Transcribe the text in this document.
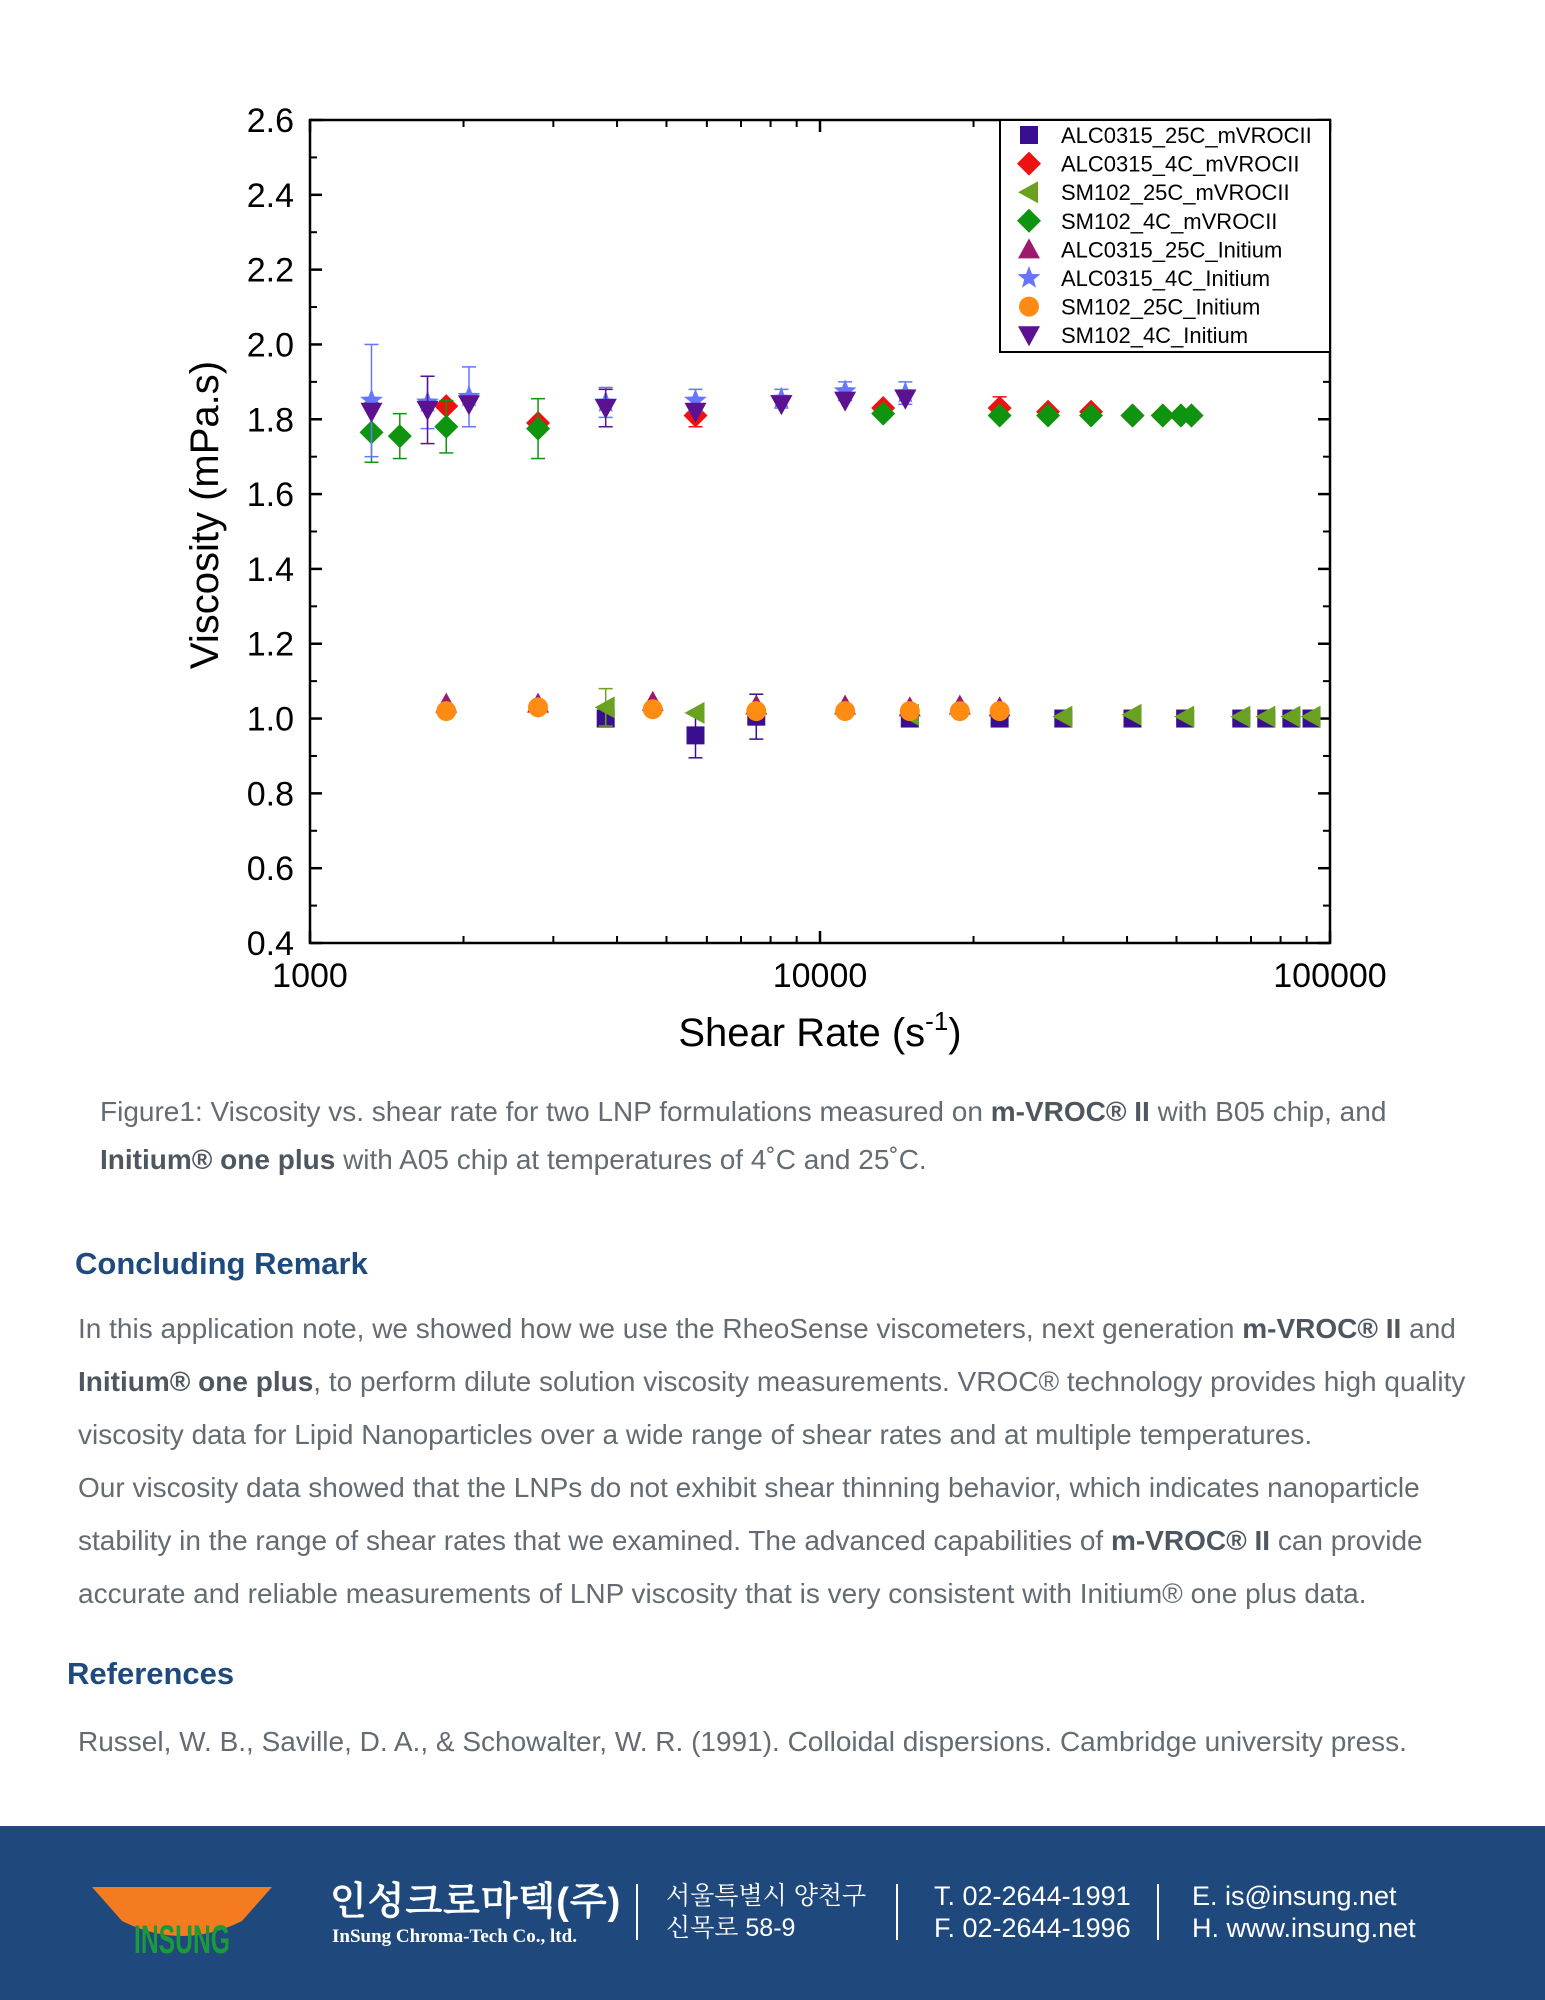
0.4
0.6
0.8
1.0
1.2
1.4
1.6
1.8
2.0
2.2
2.4
2.6
1000	10000	100000
ALC0315_25C_mVROCII
ALC0315_4C_mVROCII
SM102_25C_mVROCII
SM102_4C_mVROCII
ALC0315_25C_Initium
ALC0315_4C_Initium
SM102_25C_Initium
SM102_4C_Initium
Viscosity (mPa.s)
Shear Rate $(s^{-1})$
Figure1: Viscosity vs. shear rate for two LNP formulations measured on m-VROC® II with B05 chip, and
Initium® one plus with A05 chip at temperatures of 4˚C and 25˚C.
Concluding Remark

In this application note, we showed how we use the RheoSense viscometers, next generation m-VROC® II and
Initium® one plus, to perform dilute solution viscosity measurements. VROC® technology provides high quality viscosity data for Lipid Nanoparticles over a wide range of shear rates and at multiple temperatures.

Our viscosity data showed that the LNPs do not exhibit shear thinning behavior, which indicates nanoparticle stability in the range of shear rates that we examined. The advanced capabilities of m-VROC® II can provide accurate and reliable measurements of LNP viscosity that is very consistent with Initium® one plus data.

References
Russel, W. B., Saville, D. A., & Schowalter, W. R. (1991). Colloidal dispersions. Cambridge university press.
INSUNG
인성크로마텍(주)
InSung Chroma-Tech Co., ltd.
서울특별시 양천구
신목로 58-9
T. 02-2644-1991
F. 02-2644-1996
E. is@insung.net
H. www.insung.net
